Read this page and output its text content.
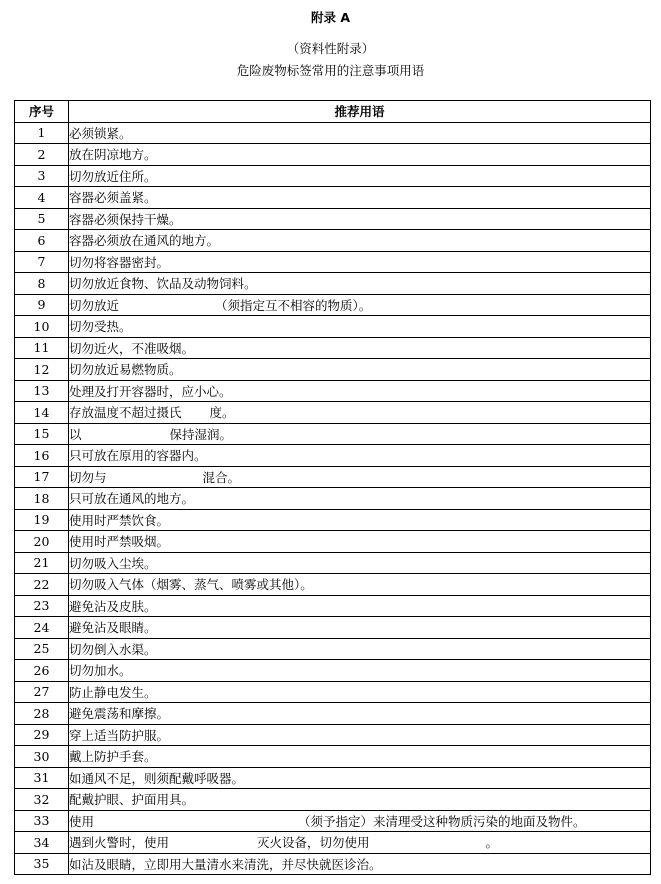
附录 A
（资料性附录）
危险废物标签常用的注意事项用语
序号	推荐用语
1	必须锁紧。
2	放在阴凉地方。
3	切勿放近住所。
4	容器必须盖紧。
5	容器必须保持干燥。
6	容器必须放在通风的地方。
7	切勿将容器密封。
8	切勿放近食物、饮品及动物饲料。
9	切勿放近 （须指定互不相容的物质）。
10	切勿受热。
11	切勿近火，不准吸烟。
12	切勿放近易燃物质。
13	处理及打开容器时，应小心。
14	存放温度不超过摄氏 度。
15	以 保持湿润。
16	只可放在原用的容器内。
17	切勿与 混合。
18	只可放在通风的地方。
19	使用时严禁饮食。
20	使用时严禁吸烟。
21	切勿吸入尘埃。
22	切勿吸入气体（烟雾、蒸气、喷雾或其他）。
23	避免沾及皮肤。
24	避免沾及眼睛。
25	切勿倒入水渠。
26	切勿加水。
27	防止静电发生。
28	避免震荡和摩擦。
29	穿上适当防护服。
30	戴上防护手套。
31	如通风不足，则须配戴呼吸器。
32	配戴护眼、护面用具。
33	使用 （须予指定）来清理受这种物质污染的地面及物件。
34	遇到火警时，使用 灭火设备，切勿使用 。
35	如沾及眼睛，立即用大量清水来清洗，并尽快就医诊治。
